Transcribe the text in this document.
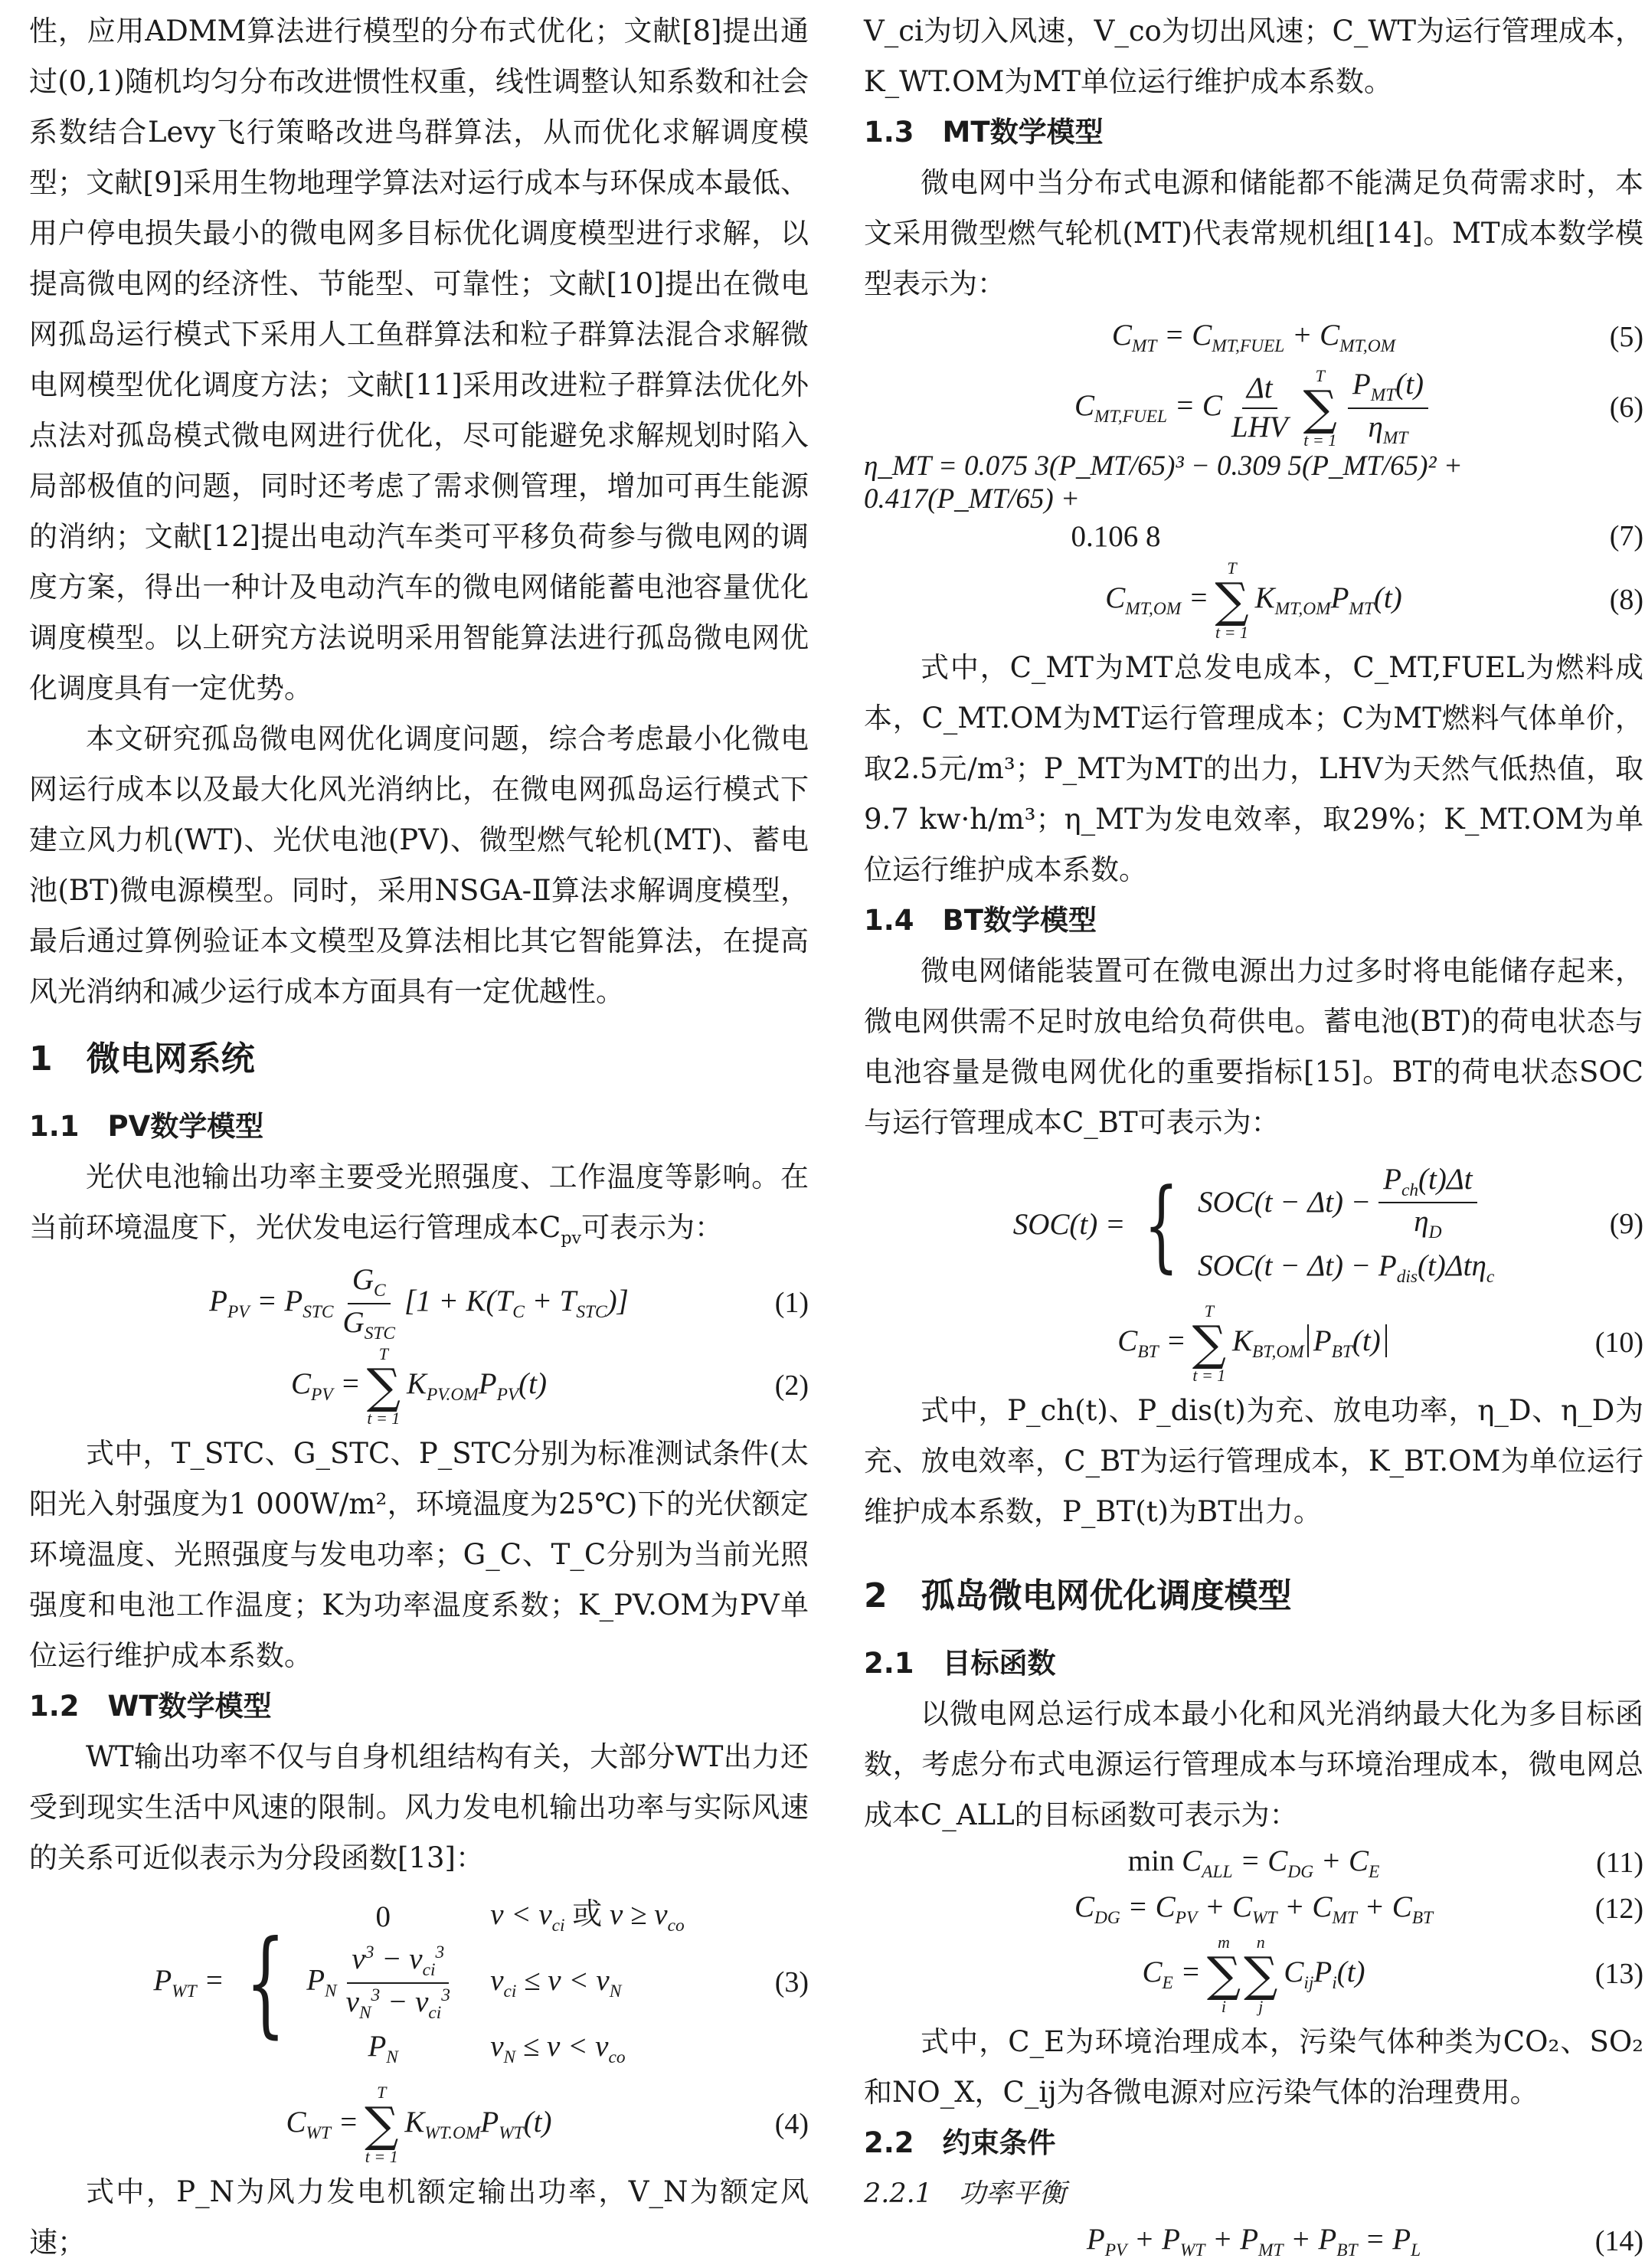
性，应用ADMM算法进行模型的分布式优化；文献[8]提出通过(0,1)随机均匀分布改进惯性权重，线性调整认知系数和社会系数结合Levy飞行策略改进鸟群算法，从而优化求解调度模型；文献[9]采用生物地理学算法对运行成本与环保成本最低、用户停电损失最小的微电网多目标优化调度模型进行求解，以提高微电网的经济性、节能型、可靠性；文献[10]提出在微电网孤岛运行模式下采用人工鱼群算法和粒子群算法混合求解微电网模型优化调度方法；文献[11]采用改进粒子群算法优化外点法对孤岛模式微电网进行优化，尽可能避免求解规划时陷入局部极值的问题，同时还考虑了需求侧管理，增加可再生能源的消纳；文献[12]提出电动汽车类可平移负荷参与微电网的调度方案，得出一种计及电动汽车的微电网储能蓄电池容量优化调度模型。以上研究方法说明采用智能算法进行孤岛微电网优化调度具有一定优势。

本文研究孤岛微电网优化调度问题，综合考虑最小化微电网运行成本以及最大化风光消纳比，在微电网孤岛运行模式下建立风力机(WT)、光伏电池(PV)、微型燃气轮机(MT)、蓄电池(BT)微电源模型。同时，采用NSGA-Ⅱ算法求解调度模型，最后通过算例验证本文模型及算法相比其它智能算法，在提高风光消纳和减少运行成本方面具有一定优越性。

1　微电网系统

1.1　PV数学模型

光伏电池输出功率主要受光照强度、工作温度等影响。在当前环境温度下，光伏发电运行管理成本$C_{pv}$可表示为：

$P_{PV} = P_{STC}$
$G_C$
$G_{STC}$
$[1 + K(T_C + T_{STC})]$	(1)
$C_{PV}$ =
T
∑
t = 1
$K_{PV.OM}P_{PV}(t)$	(2)

式中，T_STC、G_STC、P_STC分别为标准测试条件(太阳光入射强度为1 000W/m²，环境温度为25℃)下的光伏额定环境温度、光照强度与发电功率；G_C、T_C分别为当前光照强度和电池工作温度；K为功率温度系数；K_PV.OM为PV单位运行维护成本系数。

1.2　WT数学模型

WT输出功率不仅与自身机组结构有关，大部分WT出力还受到现实生活中风速的限制。风力发电机输出功率与实际风速的关系可近似表示为分段函数[13]：

$P_{WT}$ = {	0	$v < v_{ci}$ 或 $v \ge v_{co}$
$P_N$
$v^3 - v_{ci}^3$
$v_N^3 - v_{ci}^3$ $v_{ci} \le v < v_N$
$P_N$	$v_N \le v < v_{co}$
(3)
$C_{WT}$ =
T
∑
t = 1
$K_{WT.OM}P_{WT}(t)$	(4)

式中，P_N为风力发电机额定输出功率，V_N为额定风速；

V_ci为切入风速，V_co为切出风速；C_WT为运行管理成本，K_WT.OM为MT单位运行维护成本系数。

1.3　MT数学模型

微电网中当分布式电源和储能都不能满足负荷需求时，本文采用微型燃气轮机(MT)代表常规机组[14]。MT成本数学模型表示为：

$C_{MT} = C_{MT,FUEL} + C_{MT,OM}$	(5)
$C_{MT,FUEL} = C$
Δt
LHV
T
∑
t = 1
$P_{MT}(t)$
$\eta_{MT}$
(6)
η_MT = 0.075 3(P_MT/65)³ − 0.309 5(P_MT/65)² + 0.417(P_MT/65) +
0.106 8	(7)
$C_{MT,OM}$ =
T
∑
t = 1
$K_{MT,OM}P_{MT}(t)$	(8)

式中，C_MT为MT总发电成本，C_MT,FUEL为燃料成本，C_MT.OM为MT运行管理成本；C为MT燃料气体单价，取2.5元/m³；P_MT为MT的出力，LHV为天然气低热值，取9.7 kw·h/m³；η_MT为发电效率，取29%；K_MT.OM为单位运行维护成本系数。

1.4　BT数学模型

微电网储能装置可在微电源出力过多时将电能储存起来，微电网供需不足时放电给负荷供电。蓄电池(BT)的荷电状态与电池容量是微电网优化的重要指标[15]。BT的荷电状态SOC与运行管理成本C_BT可表示为：

SOC(t) = { SOC(t − Δt) −
$P_{ch}(t)\Delta t$
$\eta_D$
$SOC(t - \Delta t) - P_{dis}(t)\Delta t\eta_c$
(9)
$C_{BT}$ =
T
∑
t = 1
$K_{BT,OM}$ $P_{BT}(t)$	(10)

式中，P_ch(t)、P_dis(t)为充、放电功率，η_D、η_D为充、放电效率，C_BT为运行管理成本，K_BT.OM为单位运行维护成本系数，P_BT(t)为BT出力。

2　孤岛微电网优化调度模型

2.1　目标函数

以微电网总运行成本最小化和风光消纳最大化为多目标函数，考虑分布式电源运行管理成本与环境治理成本，微电网总成本C_ALL的目标函数可表示为：

$\min C_{ALL} = C_{DG} + C_E$	(11)
$C_{DG} = C_{PV} + C_{WT} + C_{MT} + C_{BT}$	(12)
$C_E$ =
m
∑
i
n
∑
j
$C_{ij}P_i(t)$	(13)

式中，C_E为环境治理成本，污染气体种类为CO₂、SO₂和NO_X，C_ij为各微电源对应污染气体的治理费用。

2.2　约束条件

2.2.1　功率平衡

$P_{PV} + P_{WT} + P_{MT} + P_{BT} = P_L$	(14)
